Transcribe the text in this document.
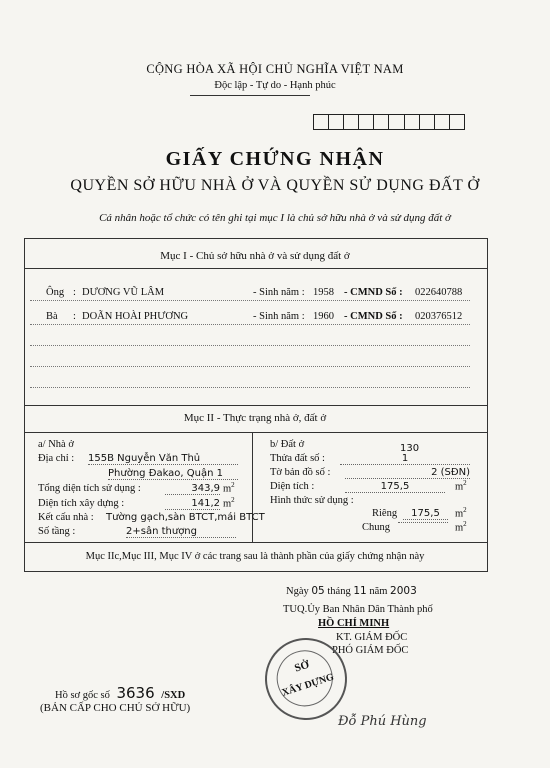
CỘNG HÒA XÃ HỘI CHỦ NGHĨA VIỆT NAM
Độc lập - Tự do - Hạnh phúc
GIẤY CHỨNG NHẬN
QUYỀN SỞ HỮU NHÀ Ở VÀ QUYỀN SỬ DỤNG ĐẤT Ở
Cá nhân hoặc tổ chức có tên ghi tại mục I là chủ sở hữu nhà ở và sử dụng đất ở
Mục I - Chủ sở hữu nhà ở và sử dụng đất ở
Ông : DƯƠNG VŨ LÂM	- Sinh năm : 1958 - CMND Số : 022640788
Bà : DOÃN HOÀI PHƯƠNG	- Sinh năm : 1960 - CMND Số : 020376512
Mục II - Thực trạng nhà ở, đất ở
a/ Nhà ở
Địa chỉ : 155B Nguyễn Văn Thủ
Phường Đakao, Quận 1
Tổng diện tích sử dụng :	343,9 $m^2$
Diện tích xây dựng :	141,2 $m^2$
Kết cấu nhà : Tường gạch,sàn BTCT,mái BTCT
Số tầng :	2+sân thượng
b/ Đất ở	130
Thửa đất số :	1
Tờ bản đồ số :	2 (SĐN)
Diện tích :	175,5	$m^2$
Hình thức sử dụng :
Riêng	175,5	$m^2$
Chung	$m^2$
Mục IIc,Mục III, Mục IV ở các trang sau là thành phần của giấy chứng nhận này
Ngày 05 tháng 11 năm 2003
TUQ.Ủy Ban Nhân Dân Thành phố
HỒ CHÍ MINH
KT. GIÁM ĐỐC
PHÓ GIÁM ĐỐC
SỞ
XÂY DỰNG
Đỗ Phú Hùng
Hồ sơ gốc số 3636 /SXD
(BẢN CẤP CHO CHỦ SỞ HỮU)
